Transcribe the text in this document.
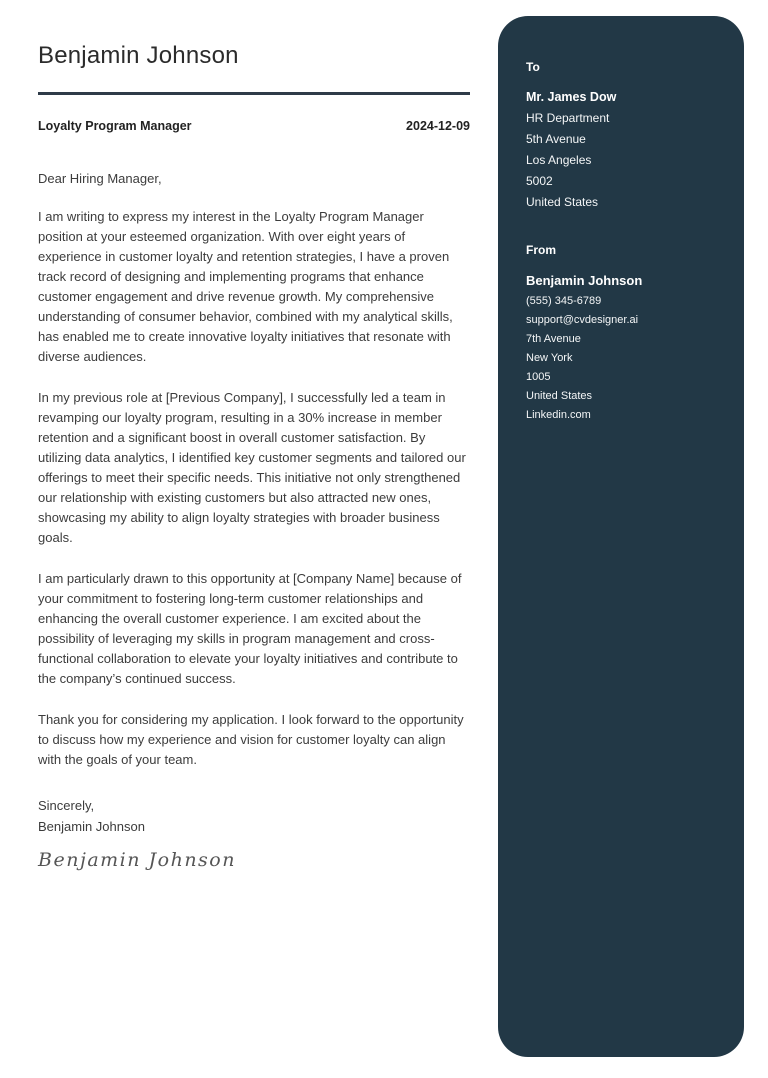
Benjamin Johnson
Loyalty Program Manager	2024-12-09

Dear Hiring Manager,

I am writing to express my interest in the Loyalty Program Manager position at your esteemed organization. With over eight years of experience in customer loyalty and retention strategies, I have a proven track record of designing and implementing programs that enhance customer engagement and drive revenue growth. My comprehensive understanding of consumer behavior, combined with my analytical skills, has enabled me to create innovative loyalty initiatives that resonate with diverse audiences.

In my previous role at [Previous Company], I successfully led a team in revamping our loyalty program, resulting in a 30% increase in member retention and a significant boost in overall customer satisfaction. By utilizing data analytics, I identified key customer segments and tailored our offerings to meet their specific needs. This initiative not only strengthened our relationship with existing customers but also attracted new ones, showcasing my ability to align loyalty strategies with broader business goals.

I am particularly drawn to this opportunity at [Company Name] because of your commitment to fostering long-term customer relationships and enhancing the overall customer experience. I am excited about the possibility of leveraging my skills in program management and cross-functional collaboration to elevate your loyalty initiatives and contribute to the company’s continued success.

Thank you for considering my application. I look forward to the opportunity to discuss how my experience and vision for customer loyalty can align with the goals of your team.

Sincerely,
Benjamin Johnson
Benjamin Johnson
To
Mr. James Dow
HR Department
5th Avenue
Los Angeles
5002
United States
From
Benjamin Johnson
(555) 345-6789
support@cvdesigner.ai
7th Avenue
New York
1005
United States
Linkedin.com
